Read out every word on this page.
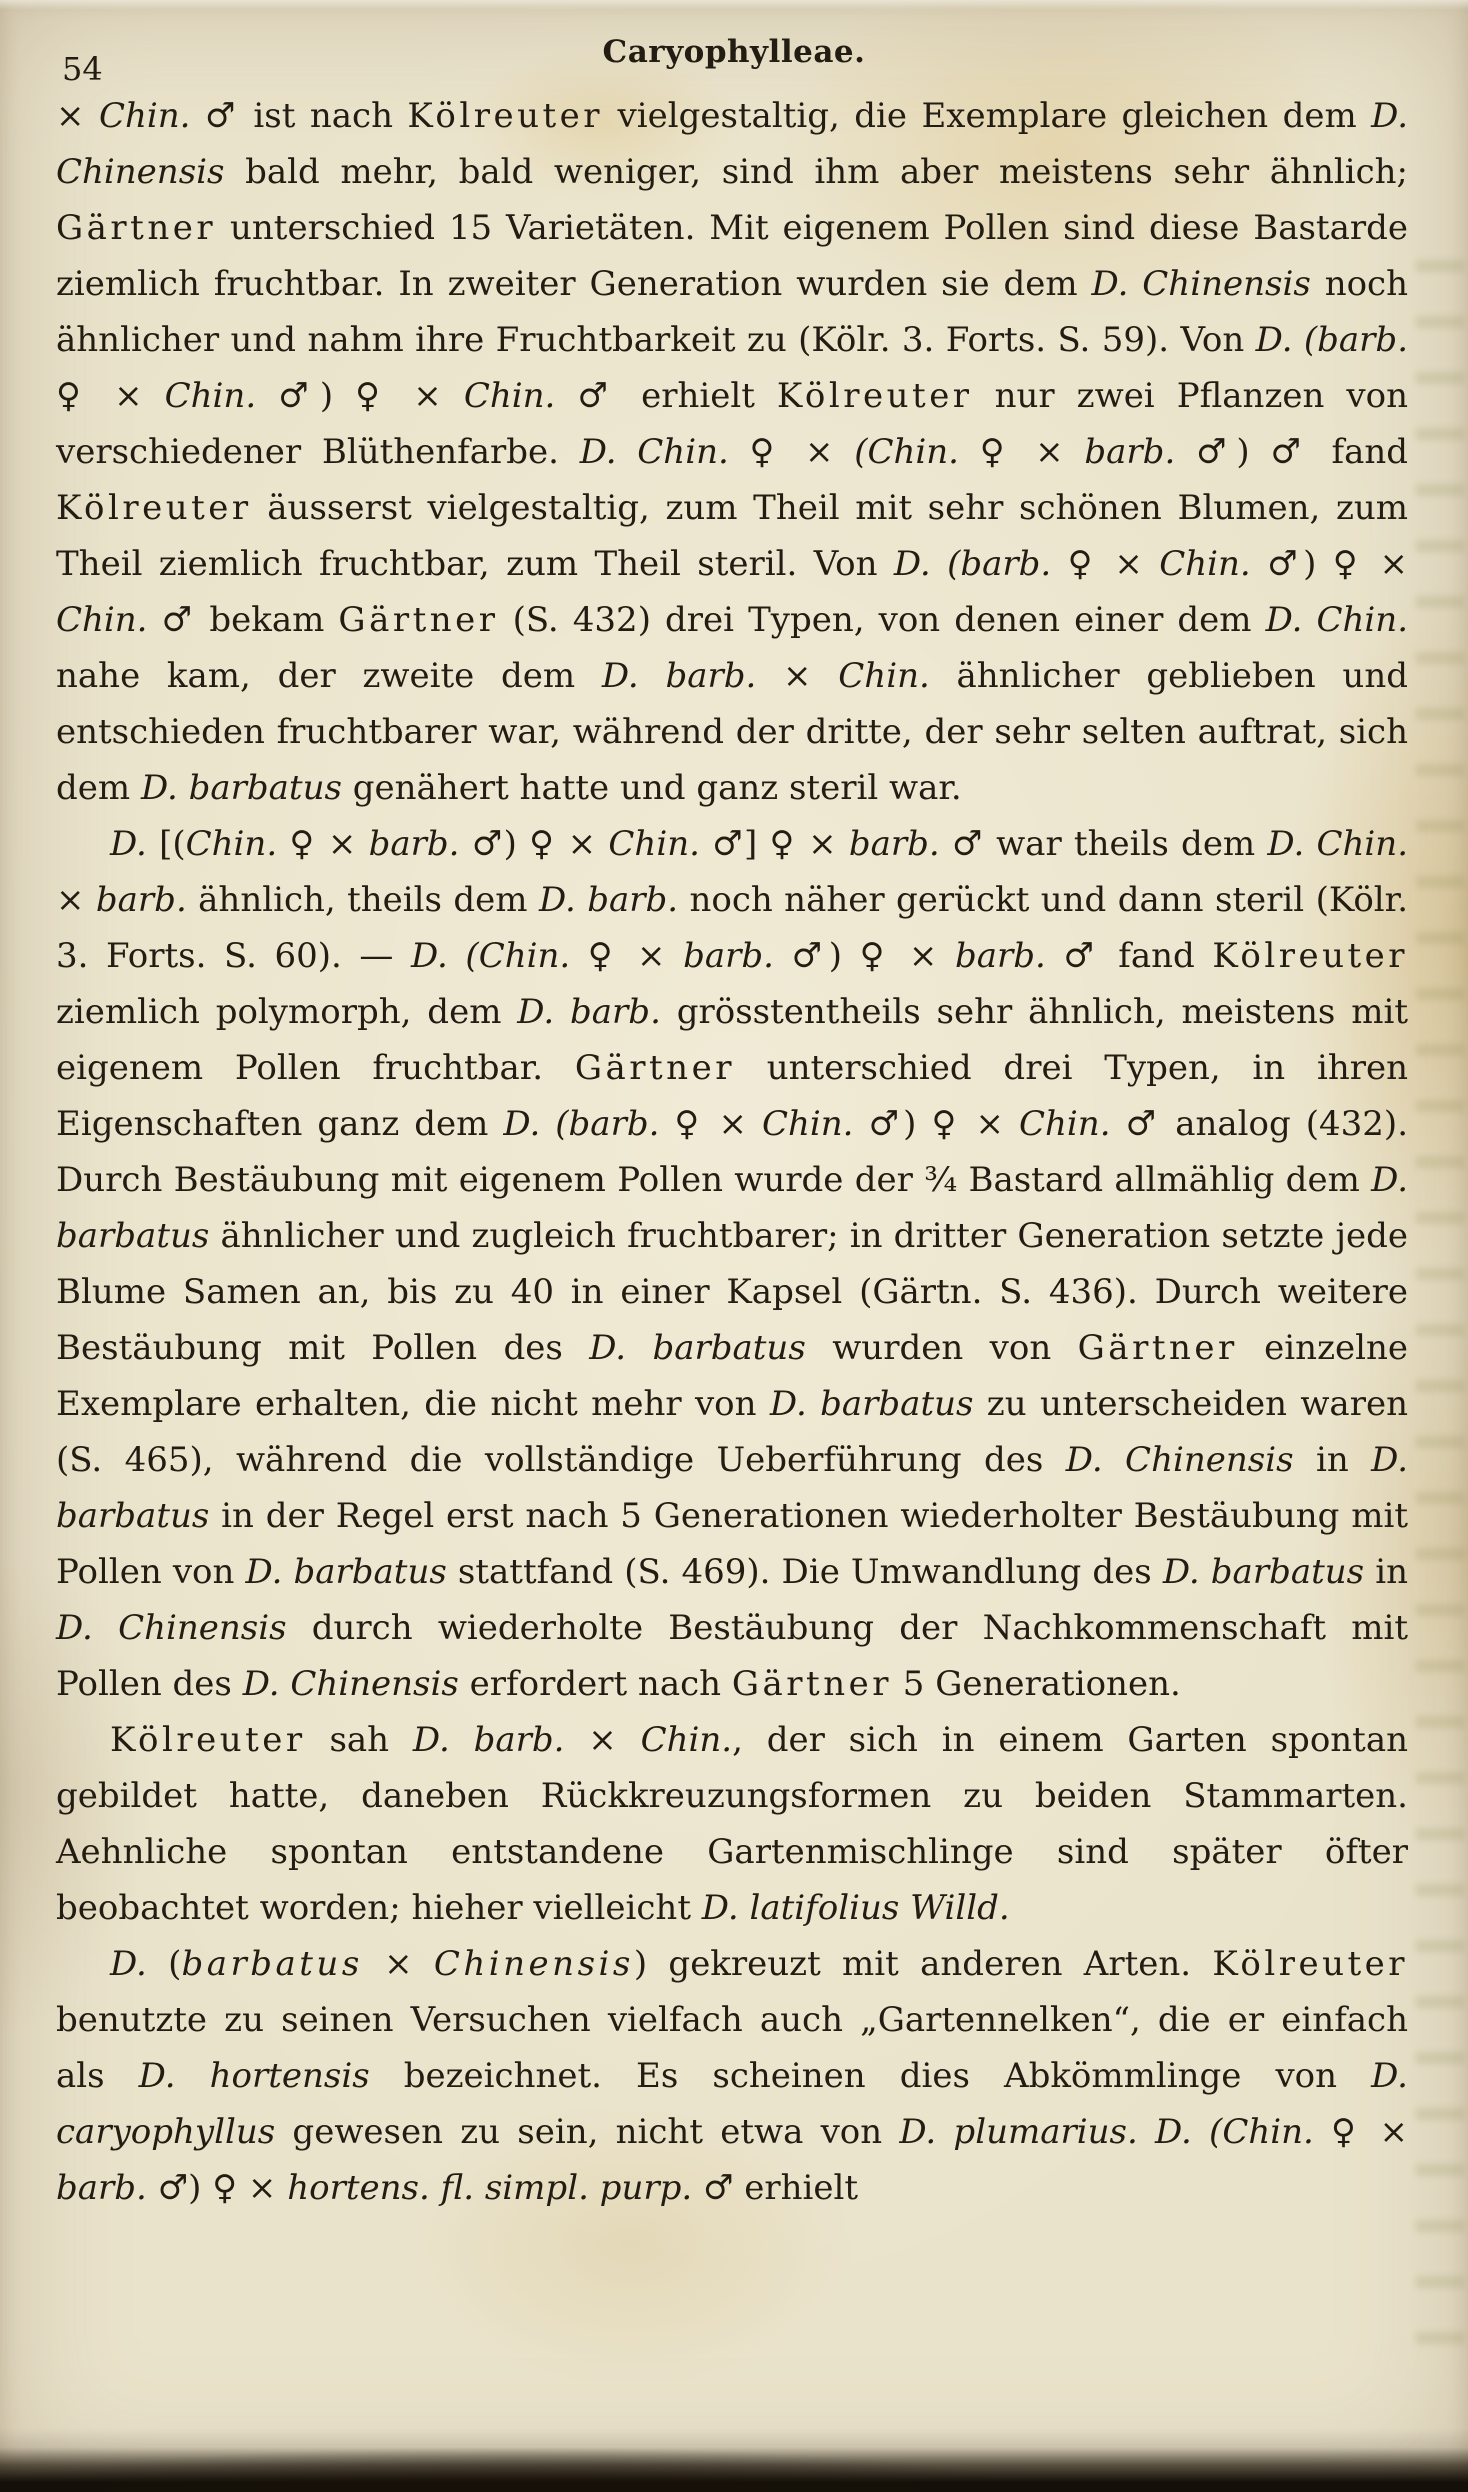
54	Caryophylleae.

× Chin. ♂ ist nach Kölreuter vielgestaltig, die Exemplare gleichen dem D. Chinensis bald mehr, bald weniger, sind ihm aber meistens sehr ähnlich; Gärtner unterschied 15 Varietäten. Mit eigenem Pollen sind diese Bastarde ziemlich fruchtbar. In zweiter Generation wurden sie dem D. Chinensis noch ähnlicher und nahm ihre Fruchtbarkeit zu (Kölr. 3. Forts. S. 59). Von D. (barb. ♀ × Chin. ♂) ♀ × Chin. ♂ erhielt Kölreuter nur zwei Pflanzen von verschiedener Blüthenfarbe. D. Chin. ♀ × (Chin. ♀ × barb. ♂) ♂ fand Kölreuter äusserst vielgestaltig, zum Theil mit sehr schönen Blumen, zum Theil ziemlich fruchtbar, zum Theil steril. Von D. (barb. ♀ × Chin. ♂) ♀ × Chin. ♂ bekam Gärtner (S. 432) drei Typen, von denen einer dem D. Chin. nahe kam, der zweite dem D. barb. × Chin. ähnlicher geblieben und entschieden fruchtbarer war, während der dritte, der sehr selten auftrat, sich dem D. barbatus genähert hatte und ganz steril war.

D. [(Chin. ♀ × barb. ♂) ♀ × Chin. ♂] ♀ × barb. ♂ war theils dem D. Chin. × barb. ähnlich, theils dem D. barb. noch näher gerückt und dann steril (Kölr. 3. Forts. S. 60). — D. (Chin. ♀ × barb. ♂) ♀ × barb. ♂ fand Kölreuter ziemlich polymorph, dem D. barb. grösstentheils sehr ähnlich, meistens mit eigenem Pollen fruchtbar. Gärtner unterschied drei Typen, in ihren Eigenschaften ganz dem D. (barb. ♀ × Chin. ♂) ♀ × Chin. ♂ analog (432). Durch Bestäubung mit eigenem Pollen wurde der ¾ Bastard allmählig dem D. barbatus ähnlicher und zugleich fruchtbarer; in dritter Generation setzte jede Blume Samen an, bis zu 40 in einer Kapsel (Gärtn. S. 436). Durch weitere Bestäubung mit Pollen des D. barbatus wurden von Gärtner einzelne Exemplare erhalten, die nicht mehr von D. barbatus zu unterscheiden waren (S. 465), während die vollständige Ueberführung des D. Chinensis in D. barbatus in der Regel erst nach 5 Generationen wiederholter Bestäubung mit Pollen von D. barbatus stattfand (S. 469). Die Umwandlung des D. barbatus in D. Chinensis durch wiederholte Bestäubung der Nachkommenschaft mit Pollen des D. Chinensis erfordert nach Gärtner 5 Generationen.

Kölreuter sah D. barb. × Chin., der sich in einem Garten spontan gebildet hatte, daneben Rückkreuzungsformen zu beiden Stammarten. Aehnliche spontan entstandene Gartenmischlinge sind später öfter beobachtet worden; hieher vielleicht D. latifolius Willd.

D. (barbatus × Chinensis) gekreuzt mit anderen Arten. Kölreuter benutzte zu seinen Versuchen vielfach auch „Gartennelken“, die er einfach als D. hortensis bezeichnet. Es scheinen dies Abkömmlinge von D. caryophyllus gewesen zu sein, nicht etwa von D. plumarius. D. (Chin. ♀ × barb. ♂) ♀ × hortens. fl. simpl. purp. ♂ erhielt
